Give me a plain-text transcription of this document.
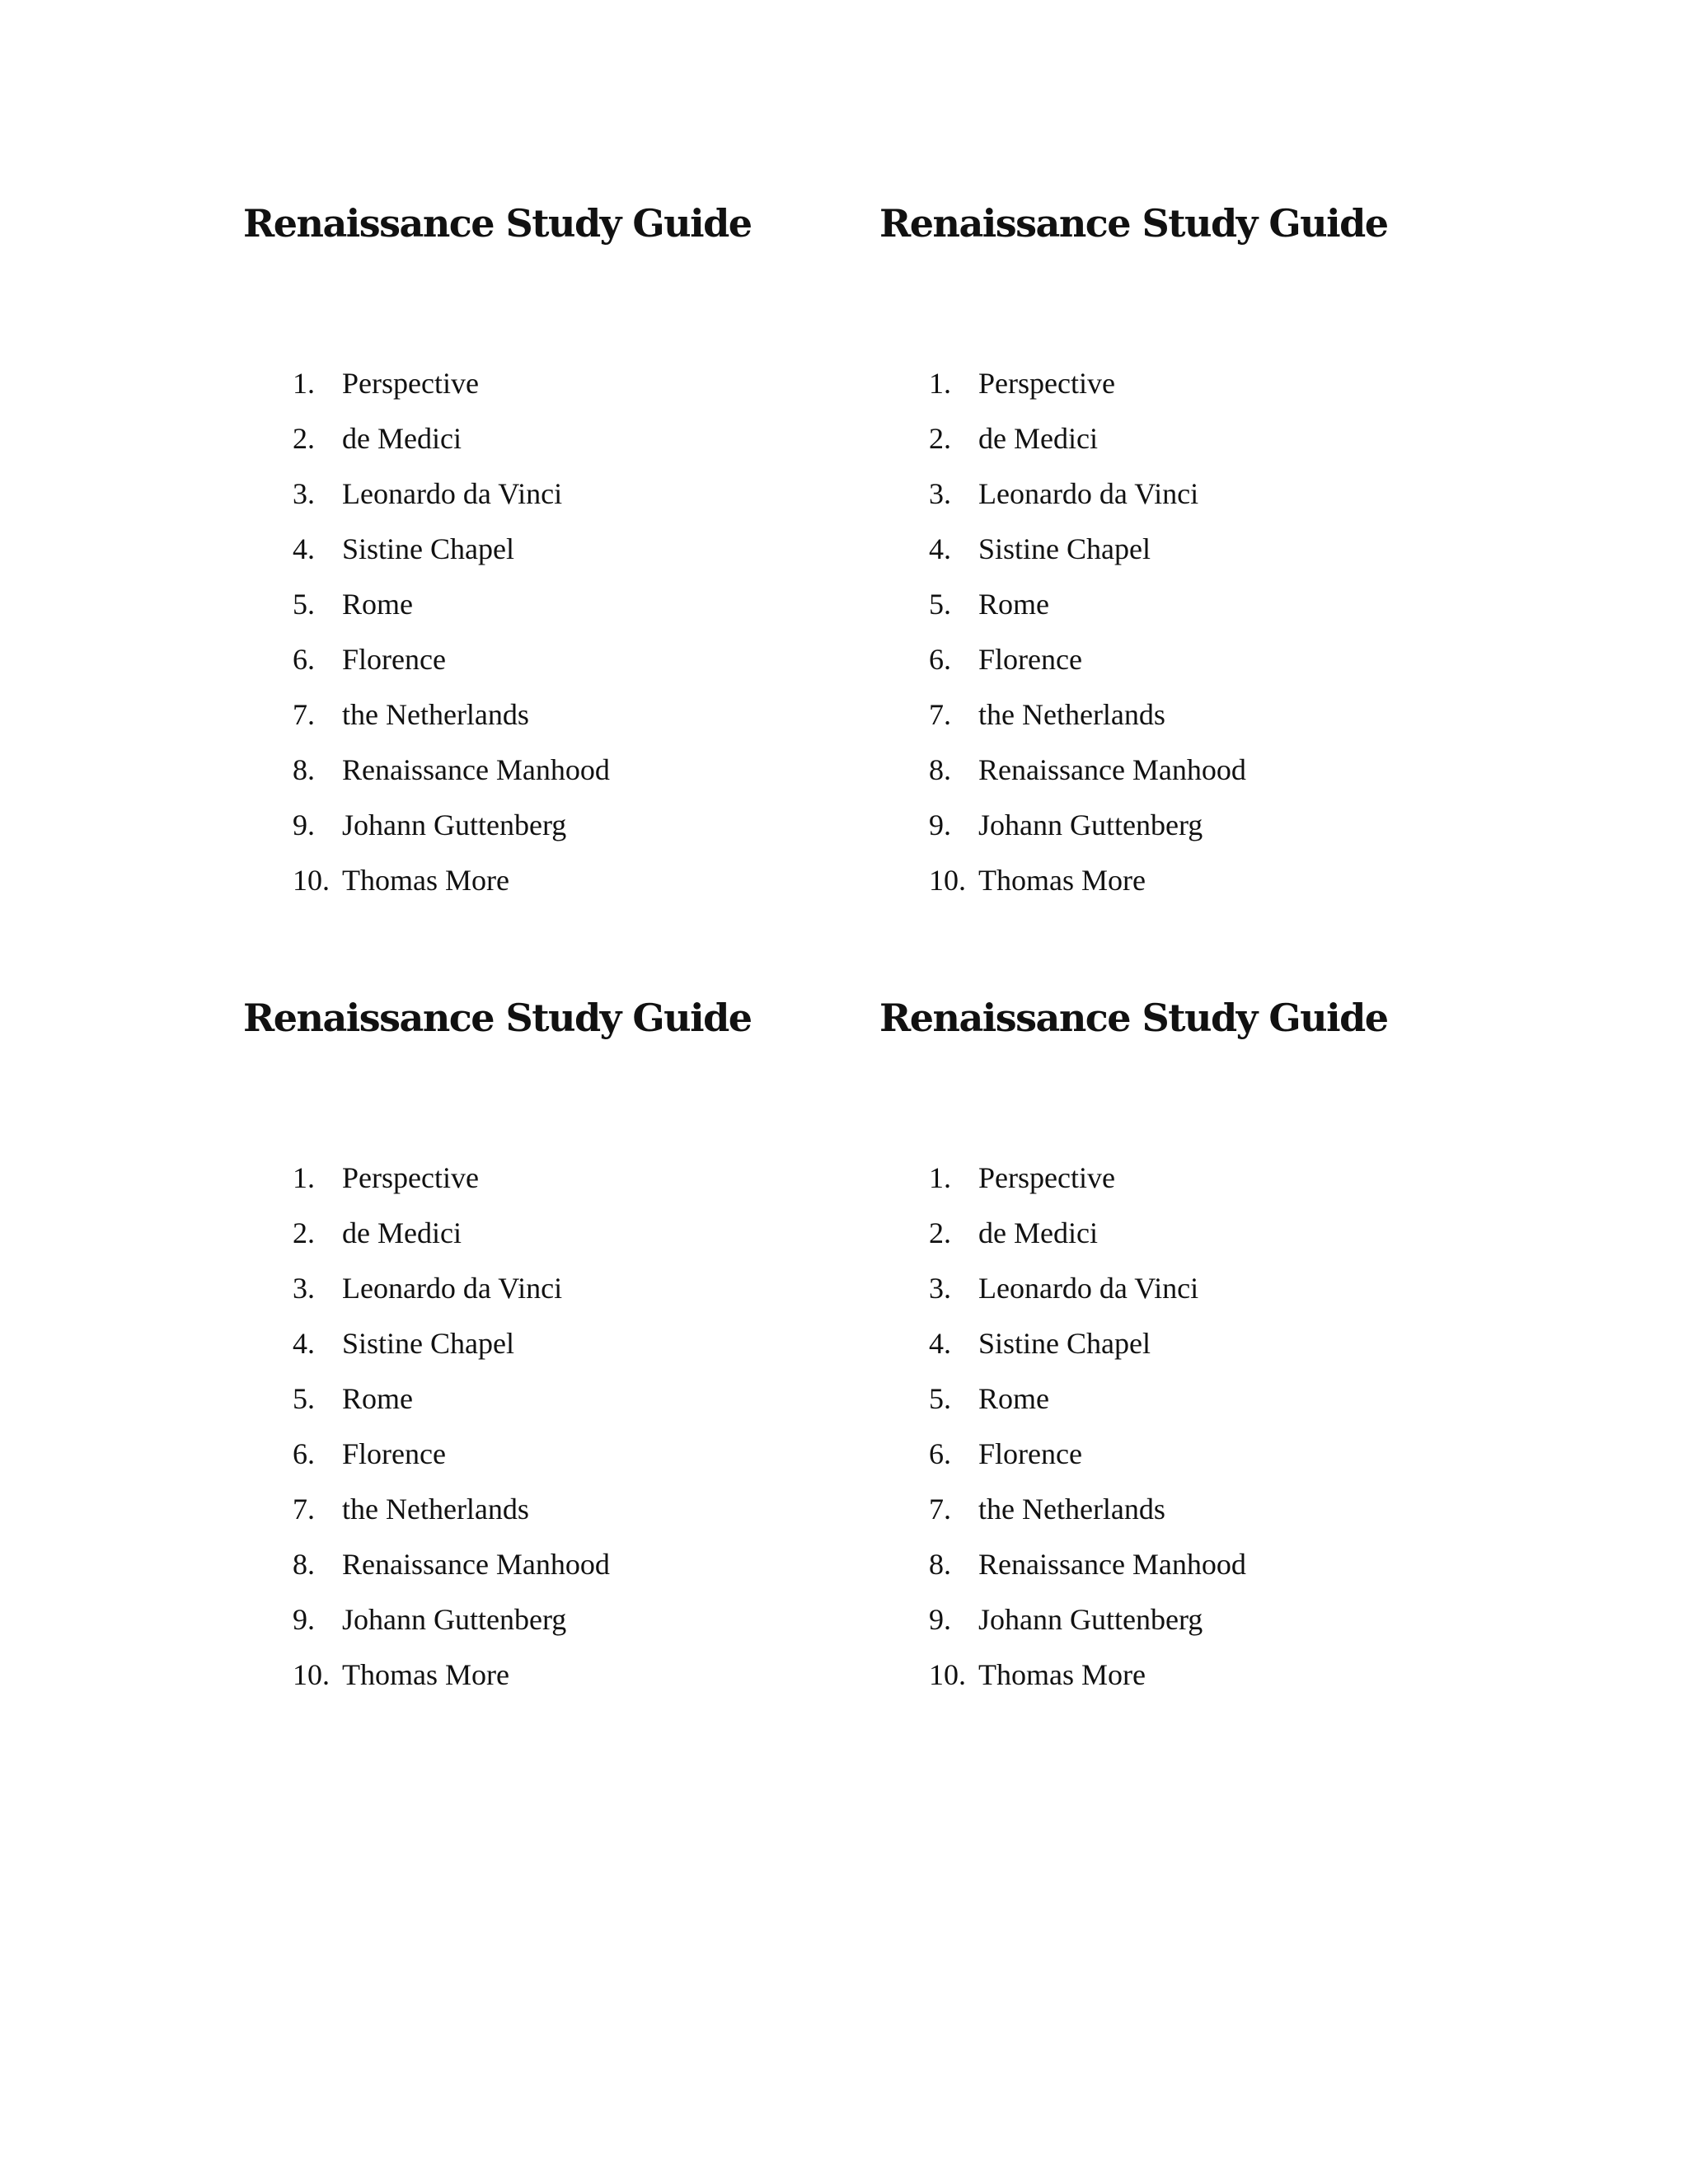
Renaissance Study Guide
1. Perspective
2. de Medici
3. Leonardo da Vinci
4. Sistine Chapel
5. Rome
6. Florence
7. the Netherlands
8. Renaissance Manhood
9. Johann Guttenberg
10. Thomas More
Renaissance Study Guide
1. Perspective
2. de Medici
3. Leonardo da Vinci
4. Sistine Chapel
5. Rome
6. Florence
7. the Netherlands
8. Renaissance Manhood
9. Johann Guttenberg
10. Thomas More
Renaissance Study Guide
1. Perspective
2. de Medici
3. Leonardo da Vinci
4. Sistine Chapel
5. Rome
6. Florence
7. the Netherlands
8. Renaissance Manhood
9. Johann Guttenberg
10. Thomas More
Renaissance Study Guide
1. Perspective
2. de Medici
3. Leonardo da Vinci
4. Sistine Chapel
5. Rome
6. Florence
7. the Netherlands
8. Renaissance Manhood
9. Johann Guttenberg
10. Thomas More
